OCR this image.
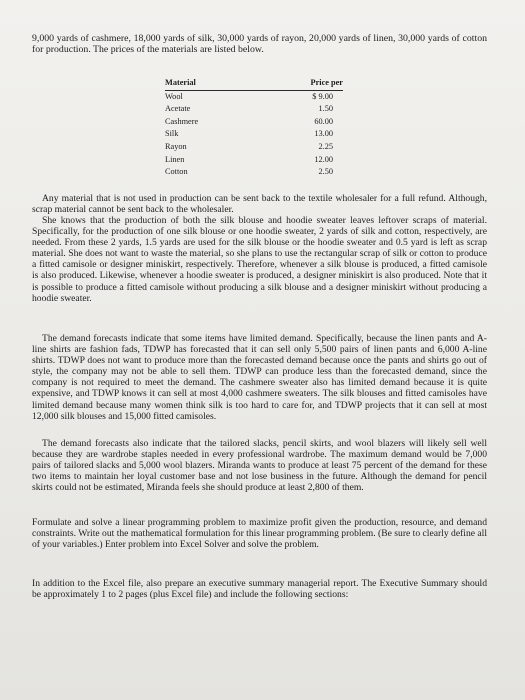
9,000 yards of cashmere, 18,000 yards of silk, 30,000 yards of rayon, 20,000 yards of linen, 30,000 yards of cotton for production. The prices of the materials are listed below.

Material	Price per
Wool	$ 9.00
Acetate	1.50
Cashmere	60.00
Silk	13.00
Rayon	2.25
Linen	12.00
Cotton	2.50

Any material that is not used in production can be sent back to the textile wholesaler for a full refund. Although, scrap material cannot be sent back to the wholesaler.

She knows that the production of both the silk blouse and hoodie sweater leaves leftover scraps of material. Specifically, for the production of one silk blouse or one hoodie sweater, 2 yards of silk and cotton, respectively, are needed. From these 2 yards, 1.5 yards are used for the silk blouse or the hoodie sweater and 0.5 yard is left as scrap material. She does not want to waste the material, so she plans to use the rectangular scrap of silk or cotton to produce a fitted camisole or designer miniskirt, respectively. Therefore, whenever a silk blouse is produced, a fitted camisole is also produced. Likewise, whenever a hoodie sweater is produced, a designer miniskirt is also produced. Note that it is possible to produce a fitted camisole without producing a silk blouse and a designer miniskirt without producing a hoodie sweater.

The demand forecasts indicate that some items have limited demand. Specifically, because the linen pants and A-line shirts are fashion fads, TDWP has forecasted that it can sell only 5,500 pairs of linen pants and 6,000 A-line shirts. TDWP does not want to produce more than the forecasted demand because once the pants and shirts go out of style, the company may not be able to sell them. TDWP can produce less than the forecasted demand, since the company is not required to meet the demand. The cashmere sweater also has limited demand because it is quite expensive, and TDWP knows it can sell at most 4,000 cashmere sweaters. The silk blouses and fitted camisoles have limited demand because many women think silk is too hard to care for, and TDWP projects that it can sell at most 12,000 silk blouses and 15,000 fitted camisoles.

The demand forecasts also indicate that the tailored slacks, pencil skirts, and wool blazers will likely sell well because they are wardrobe staples needed in every professional wardrobe. The maximum demand would be 7,000 pairs of tailored slacks and 5,000 wool blazers. Miranda wants to produce at least 75 percent of the demand for these two items to maintain her loyal customer base and not lose business in the future. Although the demand for pencil skirts could not be estimated, Miranda feels she should produce at least 2,800 of them.

Formulate and solve a linear programming problem to maximize profit given the production, resource, and demand constraints. Write out the mathematical formulation for this linear programming problem. (Be sure to clearly define all of your variables.) Enter problem into Excel Solver and solve the problem.

In addition to the Excel file, also prepare an executive summary managerial report. The Executive Summary should be approximately 1 to 2 pages (plus Excel file) and include the following sections:
